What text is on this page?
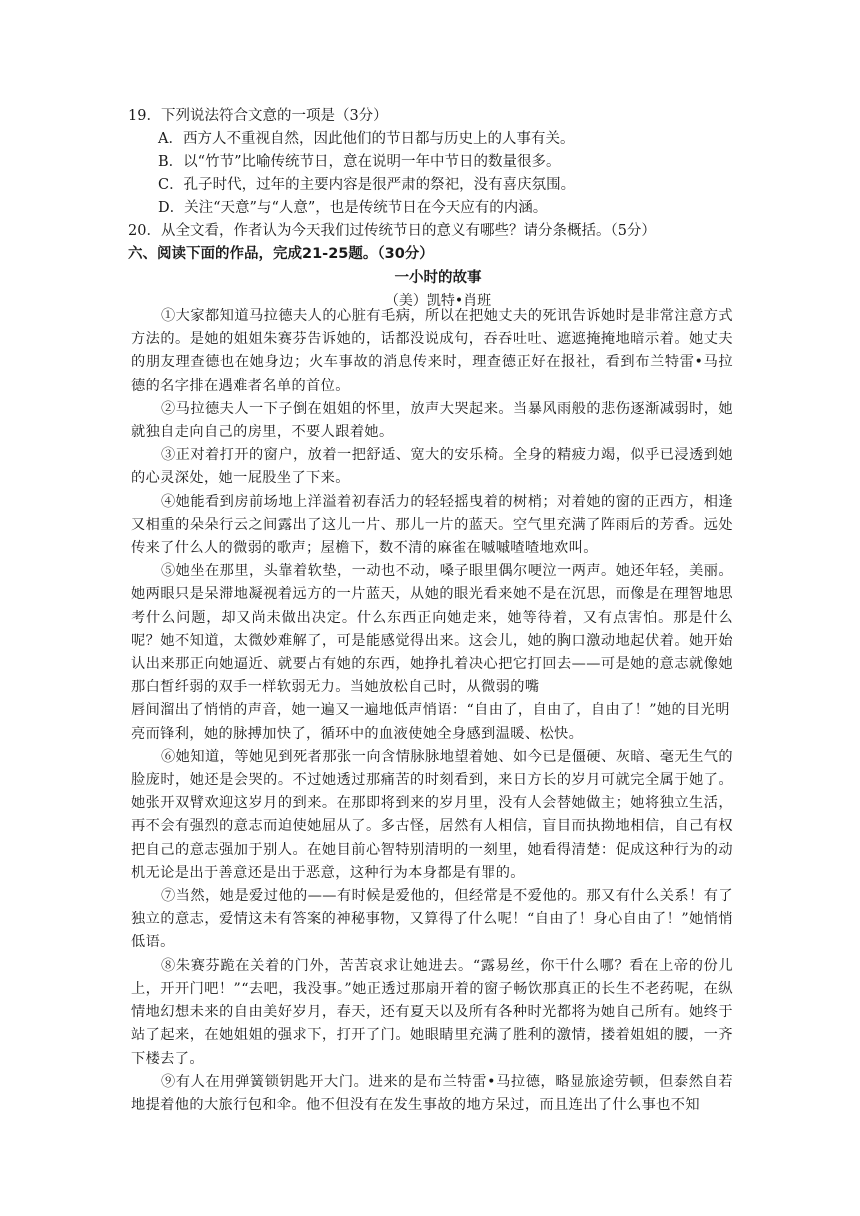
19．下列说法符合文意的一项是（3分）
A．西方人不重视自然，因此他们的节日都与历史上的人事有关。
B．以“竹节”比喻传统节日，意在说明一年中节日的数量很多。
C．孔子时代，过年的主要内容是很严肃的祭祀，没有喜庆氛围。
D．关注“天意”与“人意”，也是传统节日在今天应有的内涵。
20．从全文看，作者认为今天我们过传统节日的意义有哪些？请分条概括。（5分）
六、阅读下面的作品，完成21-25题。（30分）
一小时的故事
（美）凯特•肖班

①大家都知道马拉德夫人的心脏有毛病，所以在把她丈夫的死讯告诉她时是非常注意方式方法的。是她的姐姐朱赛芬告诉她的，话都没说成句，吞吞吐吐、遮遮掩掩地暗示着。她丈夫的朋友理查德也在她身边；火车事故的消息传来时，理查德正好在报社，看到布兰特雷•马拉德的名字排在遇难者名单的首位。

②马拉德夫人一下子倒在姐姐的怀里，放声大哭起来。当暴风雨般的悲伤逐渐减弱时，她就独自走向自己的房里，不要人跟着她。

③正对着打开的窗户，放着一把舒适、宽大的安乐椅。全身的精疲力竭，似乎已浸透到她的心灵深处，她一屁股坐了下来。

④她能看到房前场地上洋溢着初春活力的轻轻摇曳着的树梢；对着她的窗的正西方，相逢又相重的朵朵行云之间露出了这儿一片、那儿一片的蓝天。空气里充满了阵雨后的芳香。远处传来了什么人的微弱的歌声；屋檐下，数不清的麻雀在嘁嘁喳喳地欢叫。

⑤她坐在那里，头靠着软垫，一动也不动，嗓子眼里偶尔哽泣一两声。她还年轻，美丽。她两眼只是呆滞地凝视着远方的一片蓝天，从她的眼光看来她不是在沉思，而像是在理智地思考什么问题，却又尚未做出决定。什么东西正向她走来，她等待着，又有点害怕。那是什么呢？她不知道，太微妙难解了，可是能感觉得出来。这会儿，她的胸口激动地起伏着。她开始认出来那正向她逼近、就要占有她的东西，她挣扎着决心把它打回去——可是她的意志就像她那白皙纤弱的双手一样软弱无力。当她放松自己时，从微弱的嘴

唇间溜出了悄悄的声音，她一遍又一遍地低声悄语：“自由了，自由了，自由了！”她的目光明亮而锋利，她的脉搏加快了，循环中的血液使她全身感到温暖、松快。

⑥她知道，等她见到死者那张一向含情脉脉地望着她、如今已是僵硬、灰暗、毫无生气的脸庞时，她还是会哭的。不过她透过那痛苦的时刻看到，来日方长的岁月可就完全属于她了。她张开双臂欢迎这岁月的到来。在那即将到来的岁月里，没有人会替她做主；她将独立生活，再不会有强烈的意志而迫使她屈从了。多古怪，居然有人相信，盲目而执拗地相信，自己有权把自己的意志强加于别人。在她目前心智特别清明的一刻里，她看得清楚：促成这种行为的动机无论是出于善意还是出于恶意，这种行为本身都是有罪的。

⑦当然，她是爱过他的——有时候是爱他的，但经常是不爱他的。那又有什么关系！有了独立的意志，爱情这未有答案的神秘事物，又算得了什么呢！“自由了！身心自由了！”她悄悄低语。

⑧朱赛芬跪在关着的门外，苦苦哀求让她进去。“露易丝，你干什么哪？看在上帝的份儿上，开开门吧！”“去吧，我没事。”她正透过那扇开着的窗子畅饮那真正的长生不老药呢，在纵情地幻想未来的自由美好岁月，春天，还有夏天以及所有各种时光都将为她自己所有。她终于站了起来，在她姐姐的强求下，打开了门。她眼睛里充满了胜利的激情，搂着姐姐的腰，一齐下楼去了。

⑨有人在用弹簧锁钥匙开大门。进来的是布兰特雷•马拉德，略显旅途劳顿，但泰然自若地提着他的大旅行包和伞。他不但没有在发生事故的地方呆过，而且连出了什么事也不知
